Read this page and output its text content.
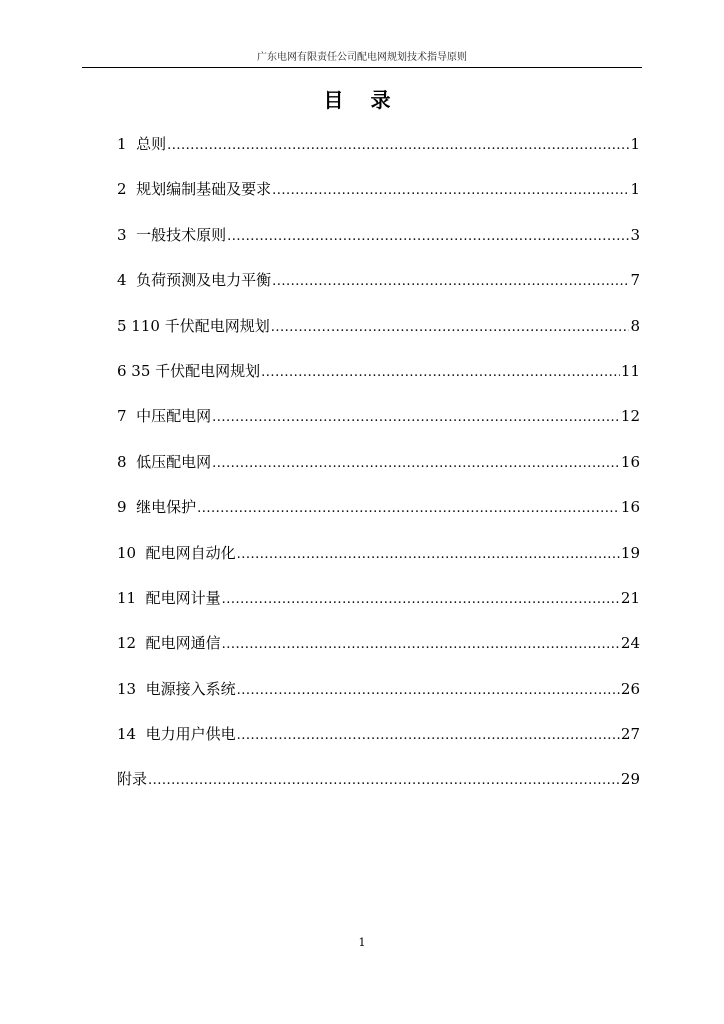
广东电网有限责任公司配电网规划技术指导原则
目 录
1  总则 .....	1
2  规划编制基础及要求 .....	1
3  一般技术原则 .....	3
4  负荷预测及电力平衡 .....	7
5 110 千伏配电网规划 .....	8
6 35 千伏配电网规划 .....	11
7  中压配电网 .....	12
8  低压配电网 .....	16
9  继电保护 .....	16
10  配电网自动化 .....	19
11  配电网计量 .....	21
12  配电网通信 .....	24
13  电源接入系统 .....	26
14  电力用户供电 .....	27
附录 .....	29
1
